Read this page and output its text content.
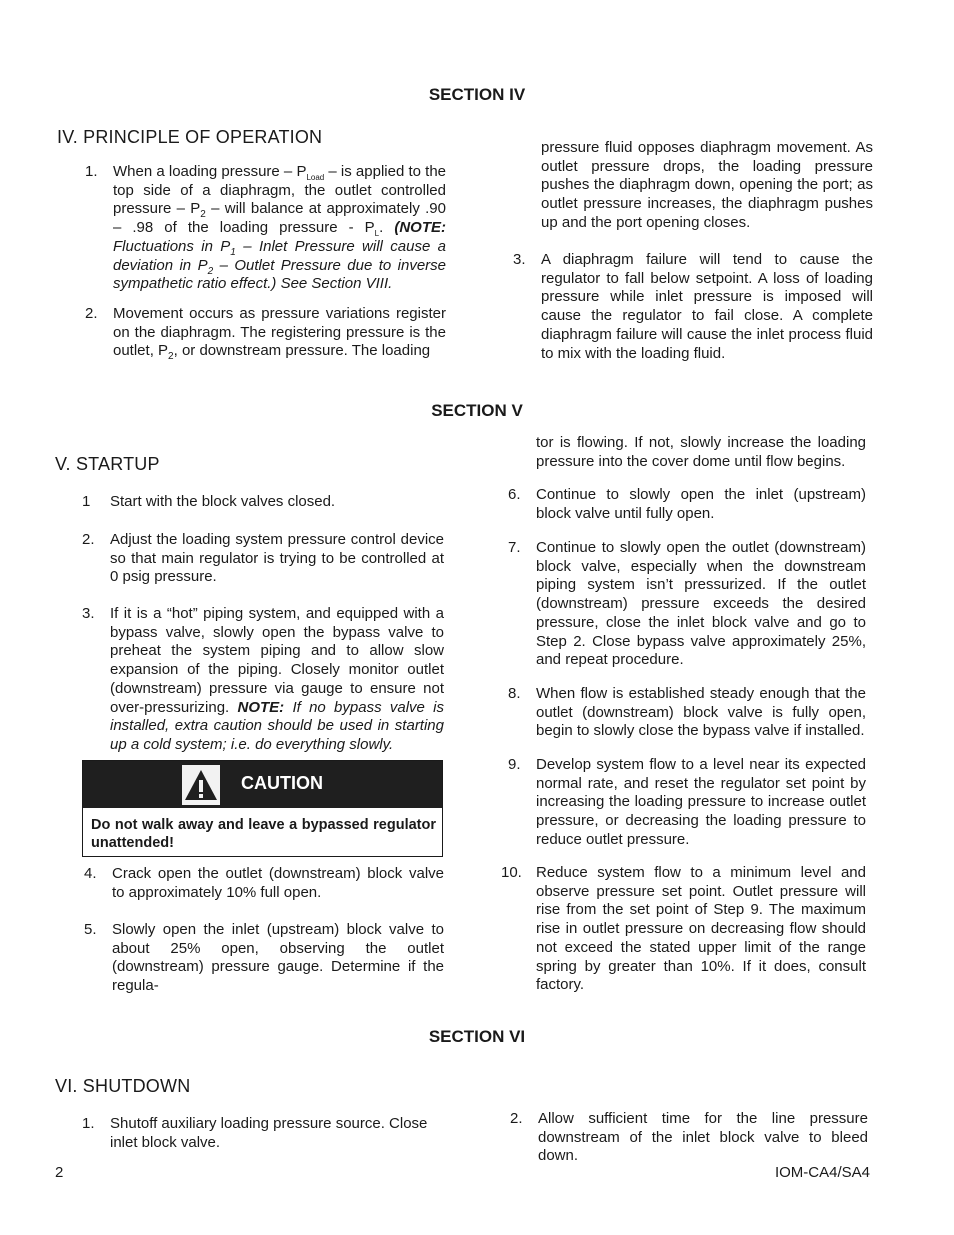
SECTION IV
IV. PRINCIPLE OF OPERATION
1. When a loading pressure – $P_{Load}$ – is applied to the top side of a diaphragm, the outlet controlled pressure – $P_2$ – will balance at approximately .90 – .98 of the loading pressure - $P_L$. (NOTE: Fluctuations in $P_1$ – Inlet Pressure will cause a deviation in $P_2$ – Outlet Pressure due to inverse sympathetic ratio effect.) See Section VIII.
2. Movement occurs as pressure variations register on the diaphragm. The registering pressure is the outlet, $P_2$, or downstream pressure. The loading
pressure fluid opposes diaphragm movement. As outlet pressure drops, the loading pressure pushes the diaphragm down, opening the port; as outlet pressure increases, the diaphragm pushes up and the port opening closes.
3. A diaphragm failure will tend to cause the regulator to fall below setpoint. A loss of loading pressure while inlet pressure is imposed will cause the regulator to fail close. A complete diaphragm failure will cause the inlet process fluid to mix with the loading fluid.
SECTION V
V. STARTUP
1 Start with the block valves closed.
2. Adjust the loading system pressure control device so that main regulator is trying to be controlled at 0 psig pressure.
3. If it is a “hot” piping system, and equipped with a bypass valve, slowly open the bypass valve to preheat the system piping and to allow slow expansion of the piping. Closely monitor outlet (downstream) pressure via gauge to ensure not over-pressurizing. NOTE: If no bypass valve is installed, extra caution should be used in starting up a cold system; i.e. do everything slowly.
CAUTION
Do not walk away and leave a bypassed regulator unattended!
4. Crack open the outlet (downstream) block valve to approximately 10% full open.
5. Slowly open the inlet (upstream) block valve to about 25% open, observing the outlet (downstream) pressure gauge. Determine if the regula-
tor is flowing. If not, slowly increase the loading pressure into the cover dome until flow begins.
6. Continue to slowly open the inlet (upstream) block valve until fully open.
7. Continue to slowly open the outlet (downstream) block valve, especially when the downstream piping system isn’t pressurized. If the outlet (downstream) pressure exceeds the desired pressure, close the inlet block valve and go to Step 2. Close bypass valve approximately 25%, and repeat procedure.
8. When flow is established steady enough that the outlet (downstream) block valve is fully open, begin to slowly close the bypass valve if installed.
9. Develop system flow to a level near its expected normal rate, and reset the regulator set point by increasing the loading pressure to increase outlet pressure, or decreasing the loading pressure to reduce outlet pressure.
10. Reduce system flow to a minimum level and observe pressure set point. Outlet pressure will rise from the set point of Step 9. The maximum rise in outlet pressure on decreasing flow should not exceed the stated upper limit of the range spring by greater than 10%. If it does, consult factory.
SECTION VI
VI. SHUTDOWN
1. Shutoff auxiliary loading pressure source. Close inlet block valve.
2. Allow sufficient time for the line pressure downstream of the inlet block valve to bleed down.
2	IOM-CA4/SA4
